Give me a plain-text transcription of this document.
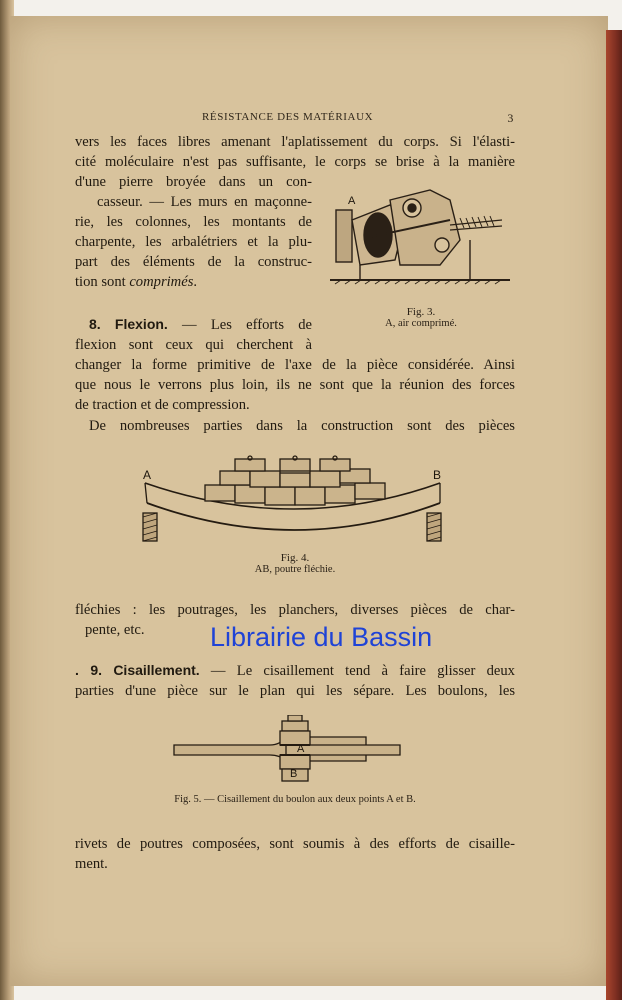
RÉSISTANCE DES MATÉRIAUX	3
vers les faces libres amenant l'aplatissement du corps. Si l'élasti-
cité moléculaire n'est pas suffisante, le corps se brise à la manière
d'une pierre broyée dans un con-
casseur. — Les murs en maçonne-
rie, les colonnes, les montants de
charpente, les arbalétriers et la plu-
part des éléments de la construc-
tion sont comprimés.
A
Fig. 3.
A, air comprimé.
8. Flexion. — Les efforts de
flexion sont ceux qui cherchent à
changer la forme primitive de l'axe de la pièce considérée. Ainsi
que nous le verrons plus loin, ils ne sont que la réunion des forces
de traction et de compression.
De nombreuses parties dans la construction sont des pièces
A	B
Fig. 4.
AB, poutre fléchie.
fléchies : les poutrages, les planchers, diverses pièces de char-
pente, etc.	Librairie du Bassin
. 9. Cisaillement. — Le cisaillement tend à faire glisser deux
parties d'une pièce sur le plan qui les sépare. Les boulons, les
A
B
Fig. 5. — Cisaillement du boulon aux deux points A et B.
rivets de poutres composées, sont soumis à des efforts de cisaille-
ment.
